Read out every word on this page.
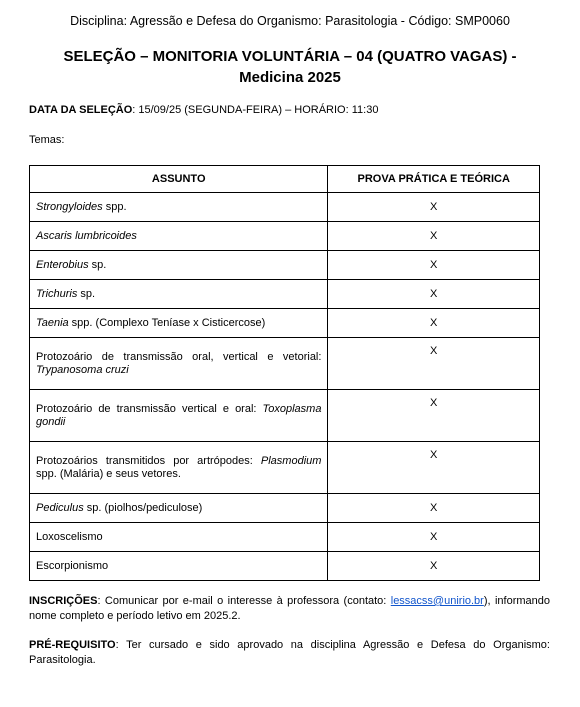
Disciplina: Agressão e Defesa do Organismo: Parasitologia - Código: SMP0060
SELEÇÃO – MONITORIA VOLUNTÁRIA – 04 (QUATRO VAGAS) -
Medicina 2025
DATA DA SELEÇÃO: 15/09/25 (SEGUNDA-FEIRA) – HORÁRIO: 11:30
Temas:
ASSUNTO	PROVA PRÁTICA E TEÓRICA
Strongyloides spp.	X
Ascaris lumbricoides	X
Enterobius sp.	X
Trichuris sp.	X
Taenia spp. (Complexo Teníase x Cisticercose)	X
Protozoário de transmissão oral, vertical e vetorial: Trypanosoma cruzi	X
Protozoário de transmissão vertical e oral: Toxoplasma gondii	X
Protozoários transmitidos por artrópodes: Plasmodium spp. (Malária) e seus vetores.	X
Pediculus sp. (piolhos/pediculose)	X
Loxoscelismo	X
Escorpionismo	X
INSCRIÇÕES: Comunicar por e-mail o interesse à professora (contato: lessacss@unirio.br), informando nome completo e período letivo em 2025.2.
PRÉ-REQUISITO: Ter cursado e sido aprovado na disciplina Agressão e Defesa do Organismo: Parasitologia.
